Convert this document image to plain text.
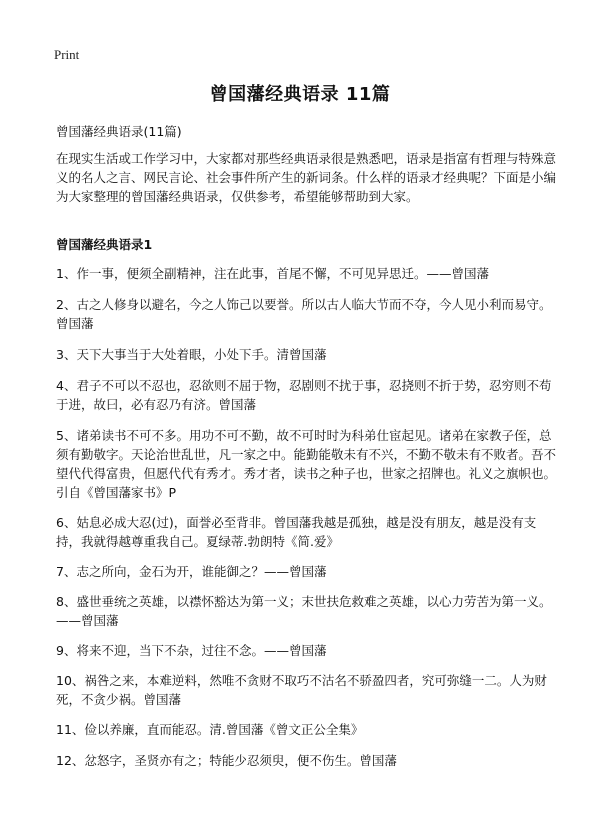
Print
曾国藩经典语录 11篇
曾国藩经典语录(11篇)
在现实生活或工作学习中，大家都对那些经典语录很是熟悉吧，语录是指富有哲理与特殊意义的名人之言、网民言论、社会事件所产生的新词条。什么样的语录才经典呢？下面是小编为大家整理的曾国藩经典语录，仅供参考，希望能够帮助到大家。
曾国藩经典语录1
1、作一事，便须全副精神，注在此事，首尾不懈，不可见异思迁。——曾国藩
2、古之人修身以避名，今之人饰己以要誉。所以古人临大节而不夺，今人见小利而易守。曾国藩
3、天下大事当于大处着眼，小处下手。清曾国藩
4、君子不可以不忍也，忍欲则不屈于物，忍剧则不扰于事，忍挠则不折于势，忍穷则不苟于进，故曰，必有忍乃有济。曾国藩
5、诸弟读书不可不多。用功不可不勤，故不可时时为科弟仕宦起见。诸弟在家教子侄，总须有勤敬字。天论治世乱世，凡一家之中。能勤能敬未有不兴，不勤不敬未有不败者。吾不望代代得富贵，但愿代代有秀才。秀才者，读书之种子也，世家之招牌也。礼义之旗帜也。引自《曾国藩家书》P
6、姑息必成大忍(过)，面誉必至背非。曾国藩我越是孤独，越是没有朋友，越是没有支持，我就得越尊重我自己。夏绿蒂.勃朗特《简.爱》
7、志之所向，金石为开，谁能御之？——曾国藩
8、盛世垂统之英雄，以襟怀豁达为第一义；末世扶危救难之英雄，以心力劳苦为第一义。——曾国藩
9、将来不迎，当下不杂，过往不念。——曾国藩
10、祸咎之来，本难逆料，然唯不贪财不取巧不沽名不骄盈四者，究可弥缝一二。人为财死，不贪少祸。曾国藩
11、俭以养廉，直而能忍。清.曾国藩《曾文正公全集》
12、忿怒字，圣贤亦有之；特能少忍须臾，便不伤生。曾国藩
